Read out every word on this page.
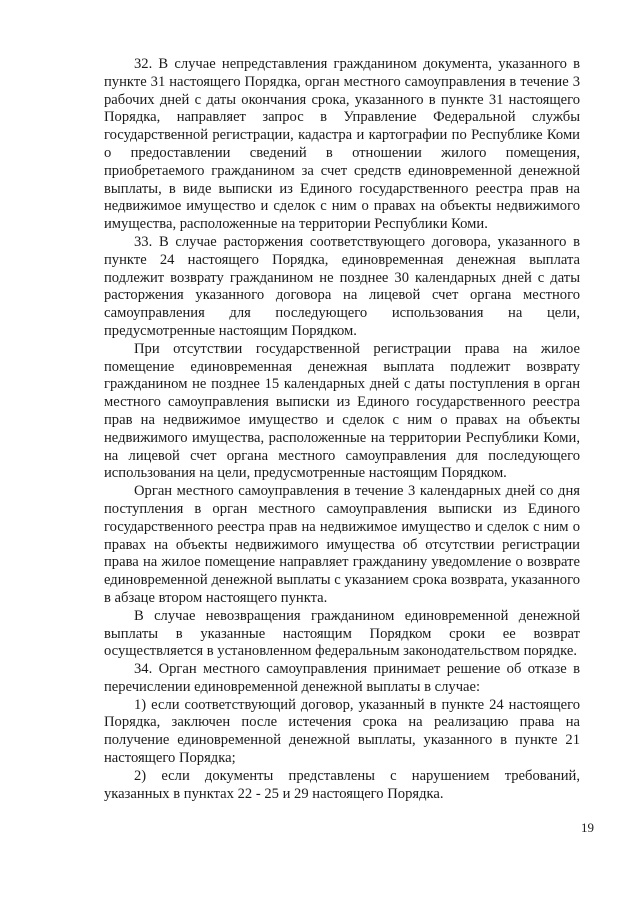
32. В случае непредставления гражданином документа, указанного в пункте 31 настоящего Порядка, орган местного самоуправления в течение 3 рабочих дней с даты окончания срока, указанного в пункте 31 настоящего Порядка, направляет запрос в Управление Федеральной службы государственной регистрации, кадастра и картографии по Республике Коми о предоставлении сведений в отношении жилого помещения, приобретаемого гражданином за счет средств единовременной денежной выплаты, в виде выписки из Единого государственного реестра прав на недвижимое имущество и сделок с ним о правах на объекты недвижимого имущества, расположенные на территории Республики Коми.

33. В случае расторжения соответствующего договора, указанного в пункте 24 настоящего Порядка, единовременная денежная выплата подлежит возврату гражданином не позднее 30 календарных дней с даты расторжения указанного договора на лицевой счет органа местного самоуправления для последующего использования на цели, предусмотренные настоящим Порядком.

При отсутствии государственной регистрации права на жилое помещение единовременная денежная выплата подлежит возврату гражданином не позднее 15 календарных дней с даты поступления в орган местного самоуправления выписки из Единого государственного реестра прав на недвижимое имущество и сделок с ним о правах на объекты недвижимого имущества, расположенные на территории Республики Коми, на лицевой счет органа местного самоуправления для последующего использования на цели, предусмотренные настоящим Порядком.

Орган местного самоуправления в течение 3 календарных дней со дня поступления в орган местного самоуправления выписки из Единого государственного реестра прав на недвижимое имущество и сделок с ним о правах на объекты недвижимого имущества об отсутствии регистрации права на жилое помещение направляет гражданину уведомление о возврате единовременной денежной выплаты с указанием срока возврата, указанного в абзаце втором настоящего пункта.

В случае невозвращения гражданином единовременной денежной выплаты в указанные настоящим Порядком сроки ее возврат осуществляется в установленном федеральным законодательством порядке.

34. Орган местного самоуправления принимает решение об отказе в перечислении единовременной денежной выплаты в случае:

1) если соответствующий договор, указанный в пункте 24 настоящего Порядка, заключен после истечения срока на реализацию права на получение единовременной денежной выплаты, указанного в пункте 21 настоящего Порядка;

2) если документы представлены с нарушением требований, указанных в пунктах 22 - 25 и 29 настоящего Порядка.

19
